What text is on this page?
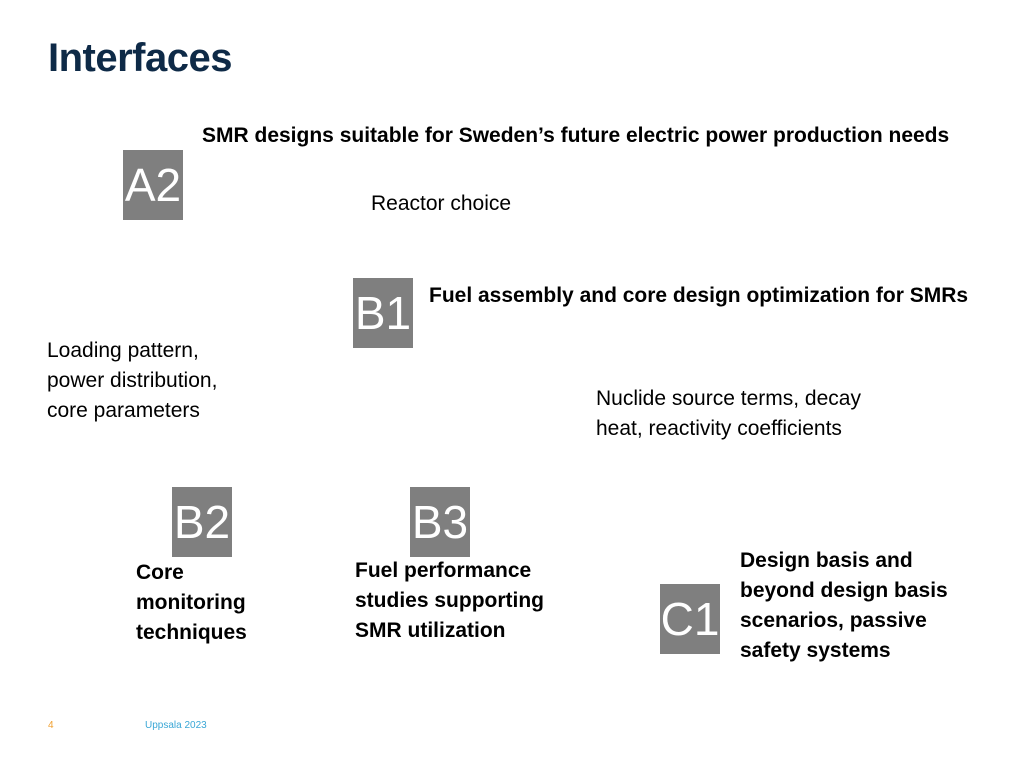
Interfaces
A2
SMR designs suitable for Sweden’s future electric power production needs
Reactor choice
B1 Fuel assembly and core design optimization for SMRs
Loading pattern,
power distribution,
core parameters
Nuclide source terms, decay
heat, reactivity coefficients
B2
Core
monitoring
techniques
B3
Fuel performance
studies supporting
SMR utilization	C1
Design basis and
beyond design basis
scenarios, passive
safety systems
4	Uppsala 2023
